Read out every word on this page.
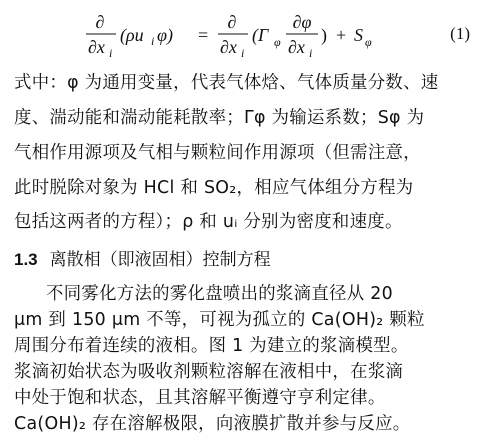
∂
∂x i
(ρu i φ) =
∂
∂x i
(Γ φ
∂φ
∂x i
) + S φ	(1)
式中：φ 为通用变量，代表气体焓、气体质量分数、速
度、湍动能和湍动能耗散率；Γφ 为输运系数；Sφ 为
气相作用源项及气相与颗粒间作用源项（但需注意，
此时脱除对象为 HCl 和 SO₂，相应气体组分方程为
包括这两者的方程）；ρ 和 uᵢ 分别为密度和速度。
1.3 离散相（即液固相）控制方程
不同雾化方法的雾化盘喷出的浆滴直径从 20
μm 到 150 μm 不等，可视为孤立的 Ca(OH)₂ 颗粒
周围分布着连续的液相。图 1 为建立的浆滴模型。
浆滴初始状态为吸收剂颗粒溶解在液相中，在浆滴
中处于饱和状态，且其溶解平衡遵守亨利定律。
Ca(OH)₂ 存在溶解极限，向液膜扩散并参与反应。
